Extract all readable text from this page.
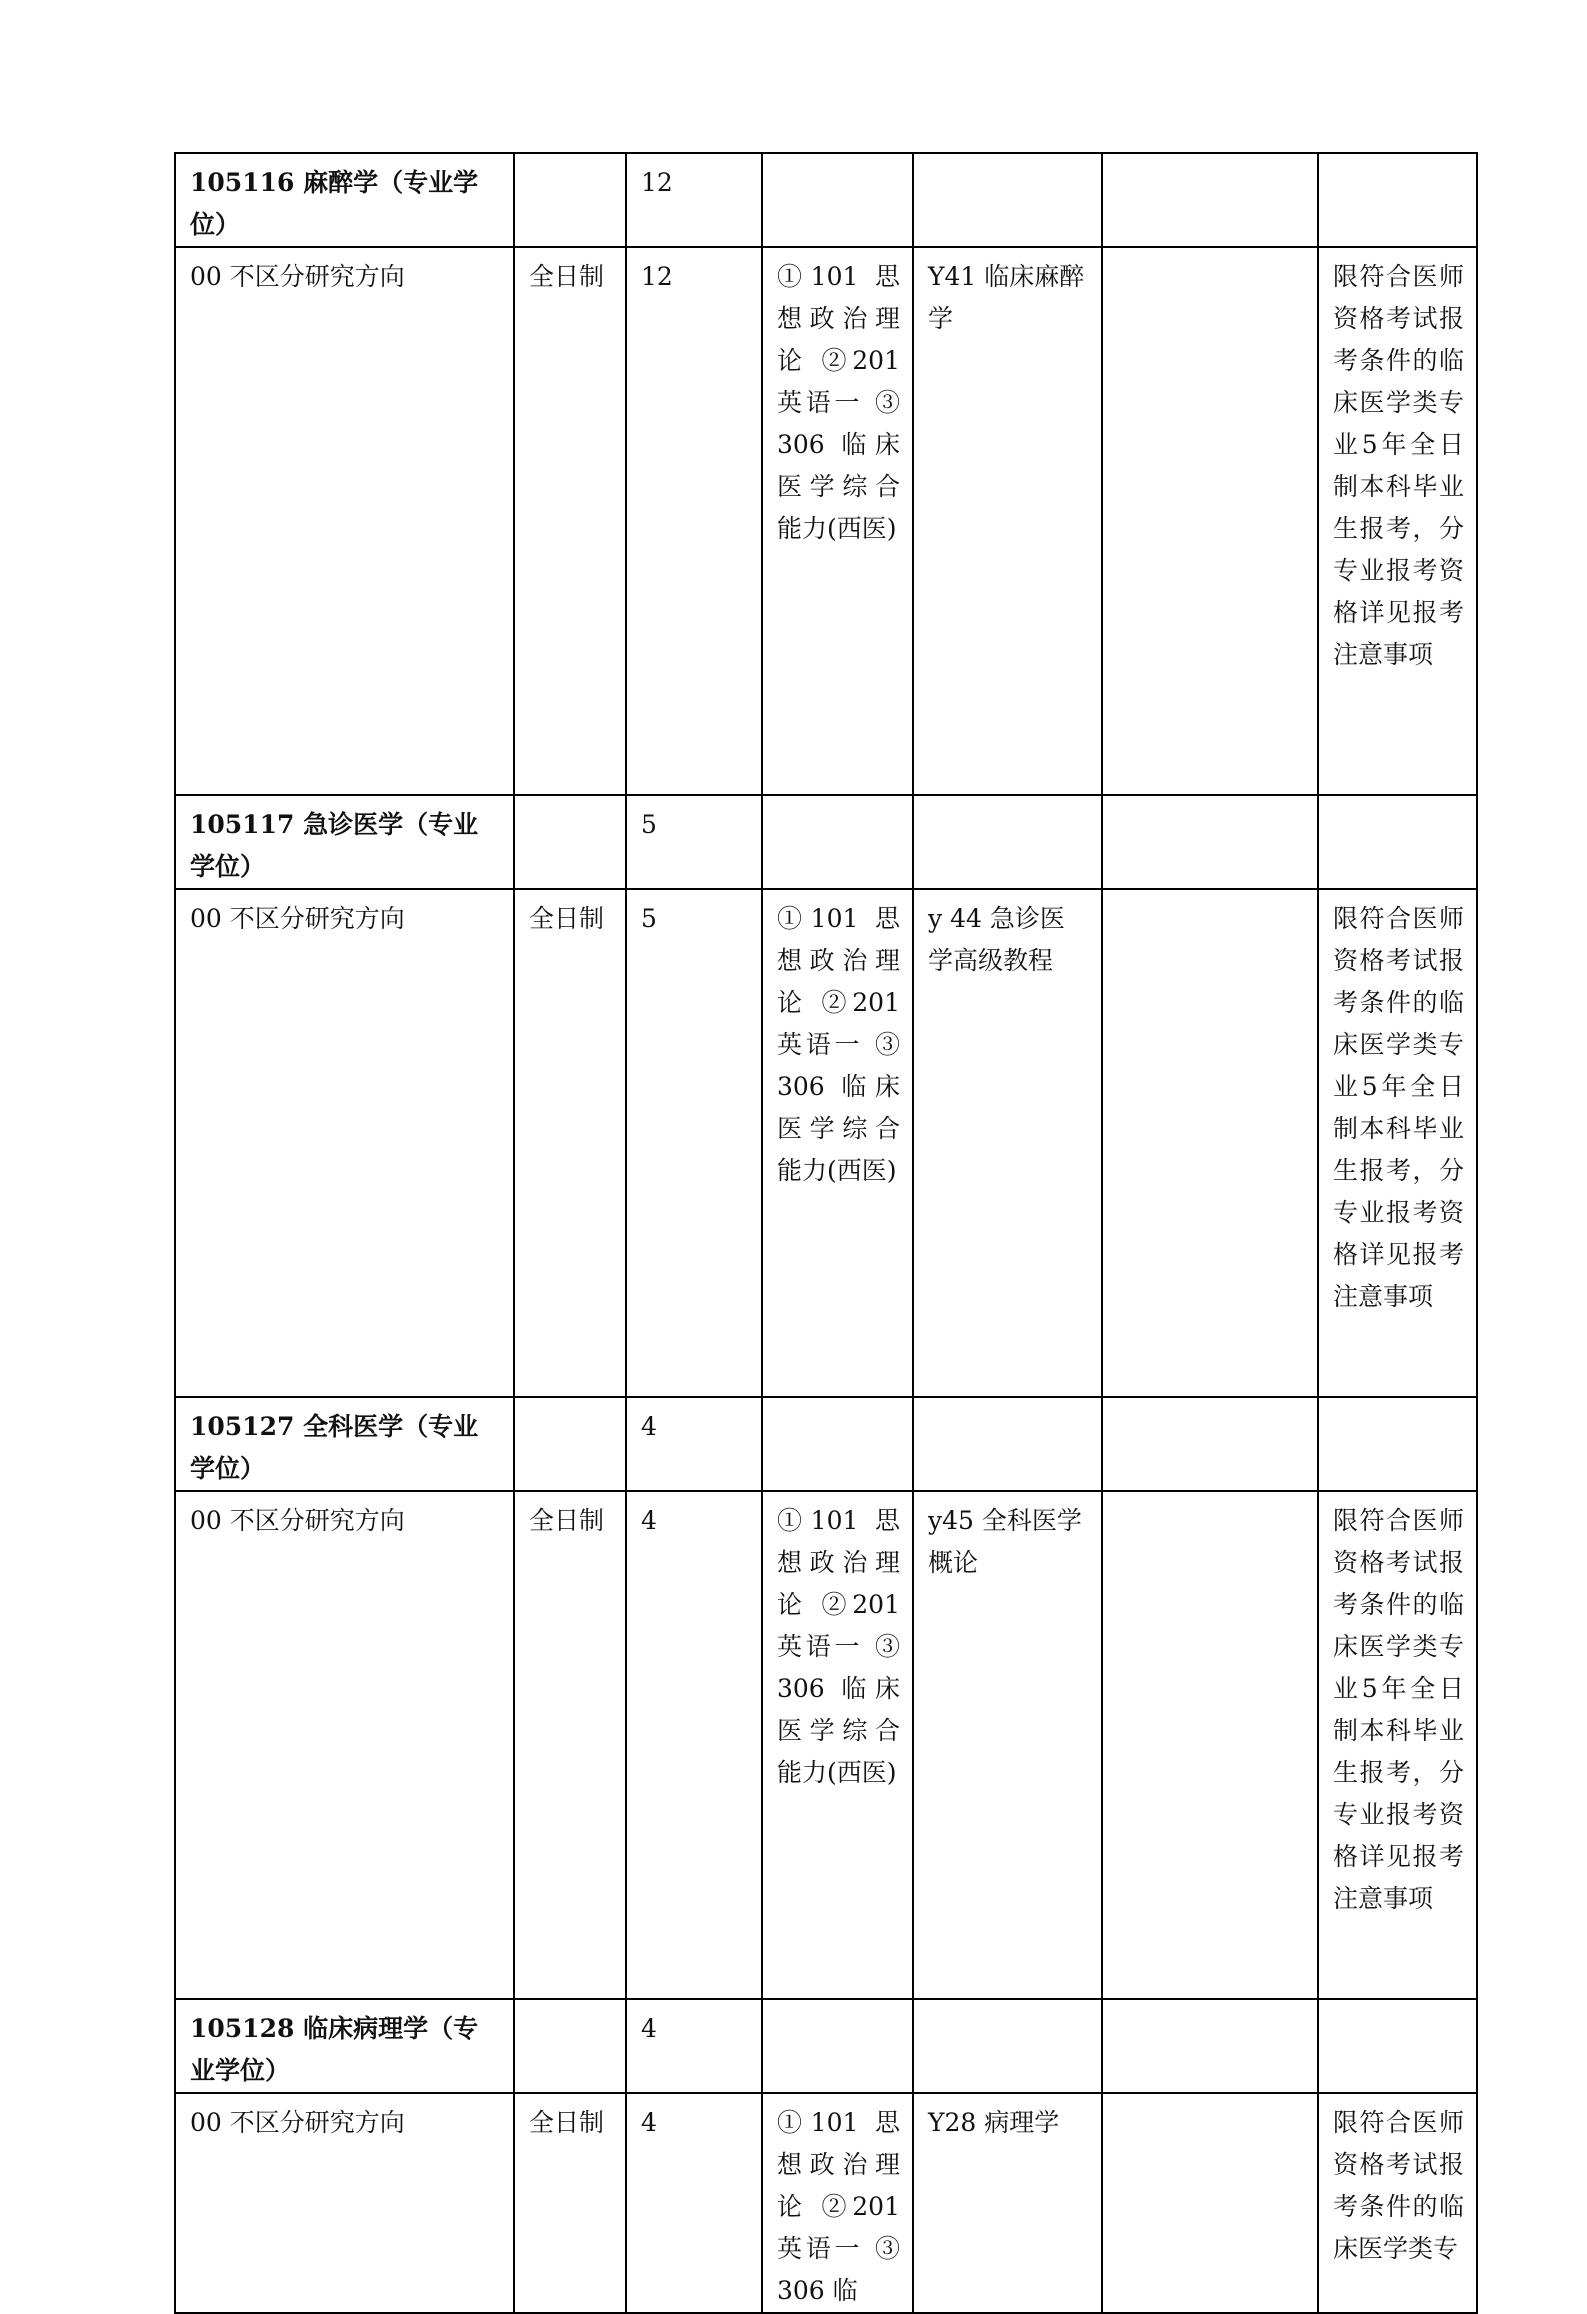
105116 麻醉学（专业学位）		12				
00 不区分研究方向	全日制	12	①101 思想政治理论 ②201 英语一 ③306 临床医学综合能力(西医)	Y41 临床麻醉学		限符合医师资格考试报考条件的临床医学类专业5年全日制本科毕业生报考，分专业报考资格详见报考注意事项
105117 急诊医学（专业学位）		5				
00 不区分研究方向	全日制	5	①101 思想政治理论 ②201 英语一 ③306 临床医学综合能力(西医)	y 44 急诊医学高级教程		限符合医师资格考试报考条件的临床医学类专业5年全日制本科毕业生报考，分专业报考资格详见报考注意事项
105127 全科医学（专业学位）		4				
00 不区分研究方向	全日制	4	①101 思想政治理论 ②201 英语一 ③306 临床医学综合能力(西医)	y45 全科医学概论		限符合医师资格考试报考条件的临床医学类专业5年全日制本科毕业生报考，分专业报考资格详见报考注意事项
105128 临床病理学（专业学位）		4				
00 不区分研究方向	全日制	4	①101 思想政治理论 ②201 英语一 ③306 临	Y28 病理学		限符合医师资格考试报考条件的临床医学类专
